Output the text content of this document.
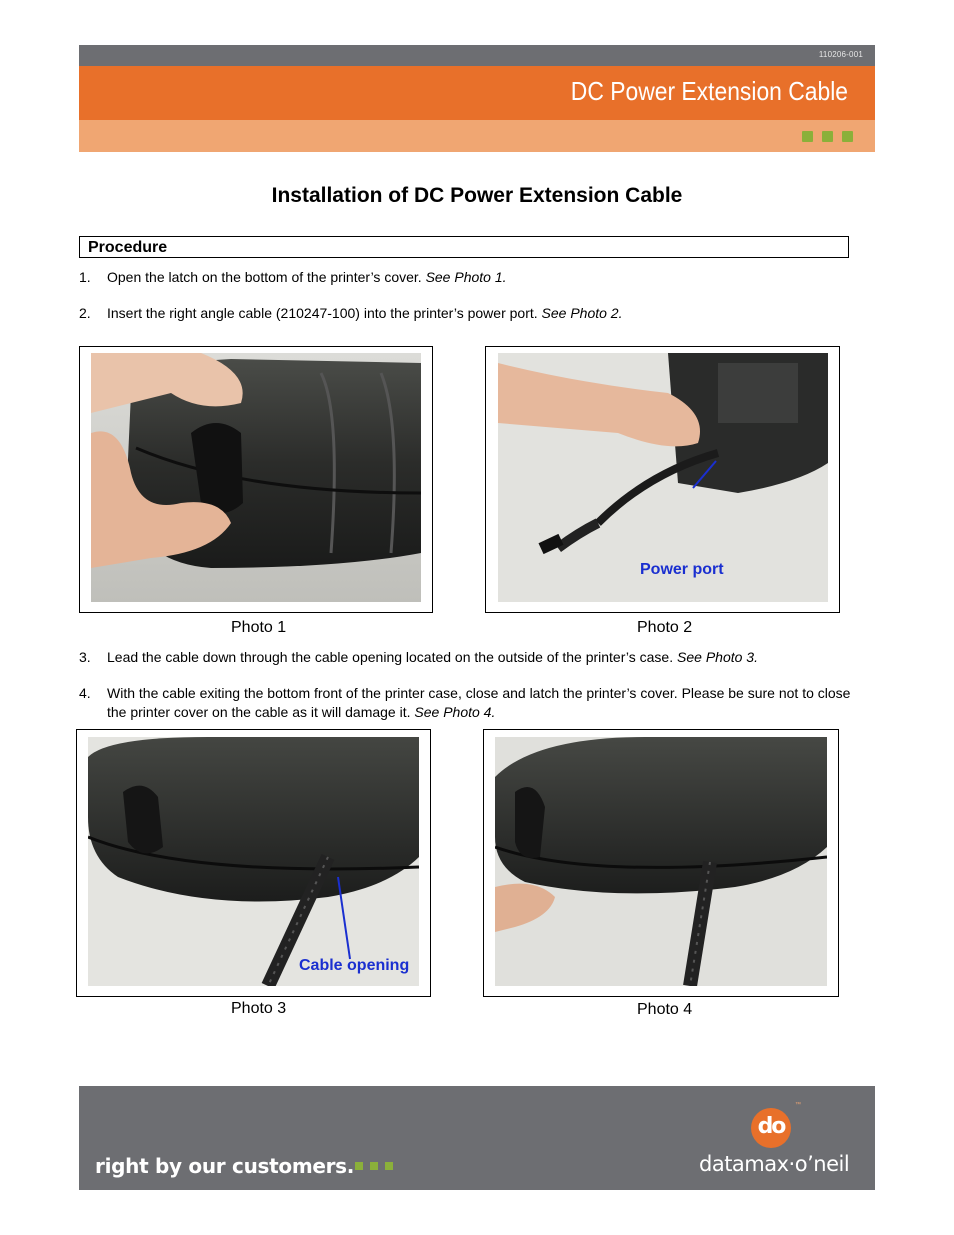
110206-001
DC Power Extension Cable
Installation of DC Power Extension Cable
Procedure
1. Open the latch on the bottom of the printer’s cover. See Photo 1.
2. Insert the right angle cable (210247-100) into the printer’s power port. See Photo 2.
Photo 1
Power port
Photo 2
3. Lead the cable down through the cable opening located on the outside of the printer’s case. See Photo 3.
4. With the cable exiting the bottom front of the printer case, close and latch the printer’s cover. Please be sure not to close the printer cover on the cable as it will damage it. See Photo 4.
Cable opening
Photo 3	Photo 4
right by our customers.
do
™
datamax·o’neil
